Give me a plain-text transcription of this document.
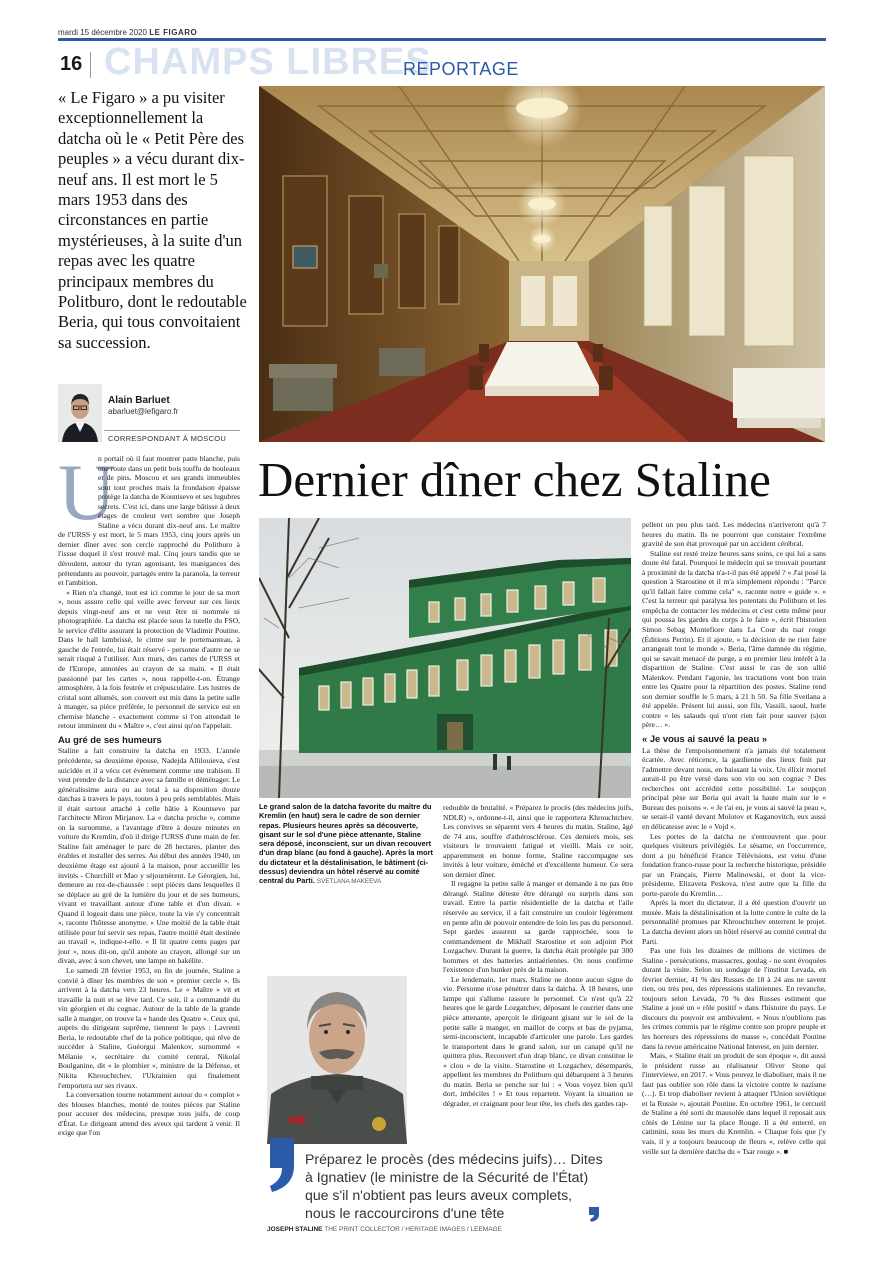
mardi 15 décembre 2020 LE FIGARO
16 CHAMPS LIBRES
REPORTAGE
« Le Figaro » a pu visiter exceptionnellement la datcha où le « Petit Père des peuples » a vécu durant dix-neuf ans. Il est mort le 5 mars 1953 dans des circonstances en partie mystérieuses, à la suite d'un repas avec les quatre principaux membres du Politburo, dont le redoutable Beria, qui tous convoitaient sa succession.
Alain Barluet
abarluet@lefigaro.fr
CORRESPONDANT À MOSCOU
Dernier dîner chez Staline
Le grand salon de la datcha favorite du maître du Kremlin (en haut) sera le cadre de son dernier repas. Plusieurs heures après sa découverte, gisant sur le sol d'une pièce attenante, Staline sera déposé, inconscient, sur un divan recouvert d'un drap blanc (au fond à gauche). Après la mort du dictateur et la déstalinisation, le bâtiment (ci-dessus) deviendra un hôtel réservé au comité central du Parti. SVETLANA MAKEEVA
U

n portail où il faut montrer patte blanche, puis une route dans un petit bois touffu de bouleaux et de pins. Moscou et ses grands immeubles sont tout proches mais la frondaison épaisse protège la datcha de Kountsevo et ses lugubres secrets. C'est ici, dans une large bâtisse à deux étages de couleur vert sombre que Joseph Staline a vécu durant dix-neuf ans. Le maître de l'URSS y est mort, le 5 mars 1953, cinq jours après un dernier dîner avec son cercle rapproché du Politburo à l'issue duquel il s'est trouvé mal. Cinq jours tandis que se déroulent, autour du tyran agonisant, les manigances des prétendants au pouvoir, partagés entre la paranoïa, la terreur et l'ambition.

« Rien n'a changé, tout est ici comme le jour de sa mort », nous assure celle qui veille avec ferveur sur ces lieux depuis vingt-neuf ans et ne veut être ni nommée ni photographiée. La datcha est placée sous la tutelle du FSO, le service d'élite assurant la protection de Vladimir Poutine. Dans le hall lambrissé, le cintre sur le portemanteau, à gauche de l'entrée, lui était réservé - personne d'autre ne se serait risqué à l'utiliser. Aux murs, des cartes de l'URSS et de l'Europe, annotées au crayon de sa main. « Il était passionné par les cartes », nous rappelle-t-on. Étrange atmosphère, à la fois feutrée et crépusculaire. Les lustres de cristal sont allumés, son couvert est mis dans la petite salle à manger, sa pièce préférée, le personnel de service est en chemise blanche - exactement comme si l'on attendait le retour imminent du « Maître », c'est ainsi qu'on l'appelait.

Au gré de ses humeurs

Staline a fait construire la datcha en 1933. L'année précédente, sa deuxième épouse, Nadejda Allilouieva, s'est suicidée et il a vécu cet événement comme une trahison. Il veut prendre de la distance avec sa famille et déménager. Le généralissime aura eu au total à sa disposition douze datchas à travers le pays, toutes à peu près semblables. Mais il était surtout attaché à celle bâtie à Kountsevo par l'architecte Miron Mirjanov. La « datcha proche », comme on la surnomme, a l'avantage d'être à douze minutes en voiture du Kremlin, d'où il dirige l'URSS d'une main de fer. Staline fait aménager le parc de 28 hectares, planter des érables et installer des serres. Au début des années 1940, un deuxième étage est ajouté à la maison, pour accueillir les invités - Churchill et Mao y séjournèrent. Le Géorgien, lui, demeure au rez-de-chaussée : sept pièces dans lesquelles il se déplace au gré de la lumière du jour et de ses humeurs, vivant et travaillant autour d'une table et d'un divan. « Quand il logeait dans une pièce, toute la vie s'y concentrait », raconte l'hôtesse anonyme. « Une moitié de la table était utilisée pour lui servir ses repas, l'autre moitié était destinée au travail », indique-t-elle. « Il lit quatre cents pages par jour », nous dit-on, qu'il annote au crayon, allongé sur un divan, avec à son chevet, une lampe en bakélite.

Le samedi 28 février 1953, en fin de journée, Staline a convié à dîner les membres de son « premier cercle ». Ils arrivent à la datcha vers 23 heures. Le « Maître » vit et travaille la nuit et se lève tard. Ce soir, il a commandé du vin géorgien et du cognac. Autour de la table de la grande salle à manger, on trouve la « bande des Quatre ». Ceux qui, auprès du dirigeant suprême, tiennent le pays : Lavrenti Beria, le redoutable chef de la police politique, qui rêve de succéder à Staline, Guéorgui Malenkov, surnommé « Mélanie », secrétaire du comité central, Nikolaï Boulganine, dit « le plombier », ministre de la Défense, et Nikita Khrouchtchev, l'Ukrainien qui finalement l'emportera sur ses rivaux.

La conversation tourne notamment autour du « complot » des blouses blanches, monté de toutes pièces par Staline pour accuser des médecins, presque tous juifs, de coup d'État. Le dirigeant attend des aveux qui tardent à venir. Il exige que l'on

redouble de brutalité. « Préparez le procès (des médecins juifs, NDLR) », ordonne-t-il, ainsi que le rapportera Khrouchtchev. Les convives se séparent vers 4 heures du matin. Staline, âgé de 74 ans, souffre d'athérosclérose. Ces derniers mois, ses visiteurs le trouvaient fatigué et vieilli. Mais ce soir, apparemment en bonne forme, Staline raccompagne ses invités à leur voiture, éméché et d'excellente humeur. Ce sera son dernier dîner.

Il regagne la petite salle à manger et demande à ne pas être dérangé. Staline déteste être dérangé ou surpris dans son travail. Entre la partie résidentielle de la datcha et l'aile réservée au service, il a fait construire un couloir légèrement en pente afin de pouvoir entendre de loin les pas du personnel. Sept gardes assurent sa garde rapprochée, sous le commandement de Mikhaïl Starostine et son adjoint Piot Lozgachev. Durant la guerre, la datcha était protégée par 300 hommes et des batteries antiaériennes. On nous confirme l'existence d'un bunker près de la maison.

Le lendemain, 1er mars, Staline ne donne aucun signe de vie. Personne n'ose pénétrer dans la datcha. À 18 heures, une lampe qui s'allume rassure le personnel. Ce n'est qu'à 22 heures que le garde Lozgatchev, déposant le courrier dans une pièce attenante, aperçoit le dirigeant gisant sur le sol de la petite salle à manger, en maillot de corps et bas de pyjama, semi-inconscient, incapable d'articuler une parole. Les gardes le transportent dans le grand salon, sur un canapé qu'il ne quittera plus. Recouvert d'un drap blanc, ce divan constitue le « clou » de la visite. Starostine et Lozgachev, désemparés, appellent les membres du Politburo qui débarquent à 3 heures du matin. Beria se penche sur lui : « Vous voyez bien qu'il dort, imbéciles ! » Et tous repartent. Voyant la situation se dégrader, et craignant pour leur tête, les chefs des gardes rap-

pellent un peu plus tard. Les médecins n'arriveront qu'à 7 heures du matin. Ils ne pourront que constater l'extrême gravité de son état provoqué par un accident cérébral.

Staline est resté treize heures sans soins, ce qui lui a sans doute été fatal. Pourquoi le médecin qui se trouvait pourtant à proximité de la datcha n'a-t-il pas été appelé ? « J'ai posé la question à Starostine et il m'a simplement répondu : "Parce qu'il fallait faire comme cela" », raconte notre « guide ». « C'est la terreur qui paralysa les potentats du Politburo et les empêcha de contacter les médecins et c'est cette même peur qui poussa les gardes du corps à le faire », écrit l'historien Simon Sebag Montefiore dans La Cour du tsar rouge (Éditions Perrin). Et il ajoute, « la décision de ne rien faire arrangeait tout le monde ». Beria, l'âme damnée du régime, qui se savait menacé de purge, a en premier lieu intérêt à la disparition de Staline. C'est aussi le cas de son allié Malenkov. Pendant l'agonie, les tractations vont bon train entre les Quatre pour la répartition des postes. Staline rend son dernier souffle le 5 mars, à 21 h 50. Sa fille Svetlana a été appelée. Présent lui aussi, son fils, Vassili, saoul, hurle contre « les salauds qui n'ont rien fait pour sauver (s)on père… ».

« Je vous ai sauvé la peau »

La thèse de l'empoisonnement n'a jamais été totalement écartée. Avec réticence, la gardienne des lieux finit par l'admettre devant nous, en baissant la voix. Un élixir mortel aurait-il pu être versé dans son vin ou son cognac ? Des recherches ont accrédité cette possibilité. Le soupçon principal pèse sur Beria qui avait la haute main sur le « Bureau des poisons ». « Je t'ai eu, je vous ai sauvé la peau », se serait-il vanté devant Molotov et Kaganovitch, eux aussi en délicatesse avec le « Vojd ».

Les portes de la datcha ne s'entrouvrent que pour quelques visiteurs privilégiés. Le sésame, en l'occurrence, dont a pu bénéficié France Télévisions, est venu d'une fondation franco-russe pour la recherche historique, présidée par un Français, Pierre Malinowski, et dont la vice-présidente, Elizaveta Peskova, n'est autre que la fille du porte-parole du Kremlin…

Après la mort du dictateur, il a été question d'ouvrir un musée. Mais la déstalinisation et la lutte contre le culte de la personnalité promues par Khrouchtchev enterrent le projet. La datcha devient alors un hôtel réservé au comité central du Parti.

Pas une fois les dizaines de millions de victimes de Staline - persécutions, massacres, goulag - ne sont évoquées durant la visite. Selon un sondage de l'institut Levada, en février dernier, 41 % des Russes de 18 à 24 ans ne savent rien, ou très peu, des répressions staliniennes. En revanche, toujours selon Levada, 70 % des Russes estiment que Staline a joué un « rôle positif » dans l'histoire du pays. Le discours du pouvoir est ambivalent. « Nous n'oublions pas les crimes commis par le régime contre son propre peuple et les horreurs des répressions de masse », concédait Poutine dans la revue américaine National Interest, en juin dernier.

Mais, « Staline était un produit de son époque », dit aussi le président russe au réalisateur Oliver Stone qui l'interviewe, en 2017. « Vous pouvez le diaboliser, mais il ne faut pas oublier son rôle dans la victoire contre le nazisme (…). Et trop diaboliser revient à attaquer l'Union soviétique et la Russie », ajoutait Poutine. En octobre 1961, le cercueil de Staline a été sorti du mausolée dans lequel il reposait aux côtés de Lénine sur la place Rouge. Il a été enterré, en catimini, sous les murs du Kremlin. « Chaque fois que j'y vais, il y a toujours beaucoup de fleurs », relève celle qui veille sur la dernière datcha du « Tsar rouge ». ■

Préparez le procès (des médecins juifs)… Dites à Ignatiev (le ministre de la Sécurité de l'État) que s'il n'obtient pas leurs aveux complets, nous le raccourcirons d'une tête
JOSEPH STALINE THE PRINT COLLECTOR / HERITAGE IMAGES / LEEMAGE
